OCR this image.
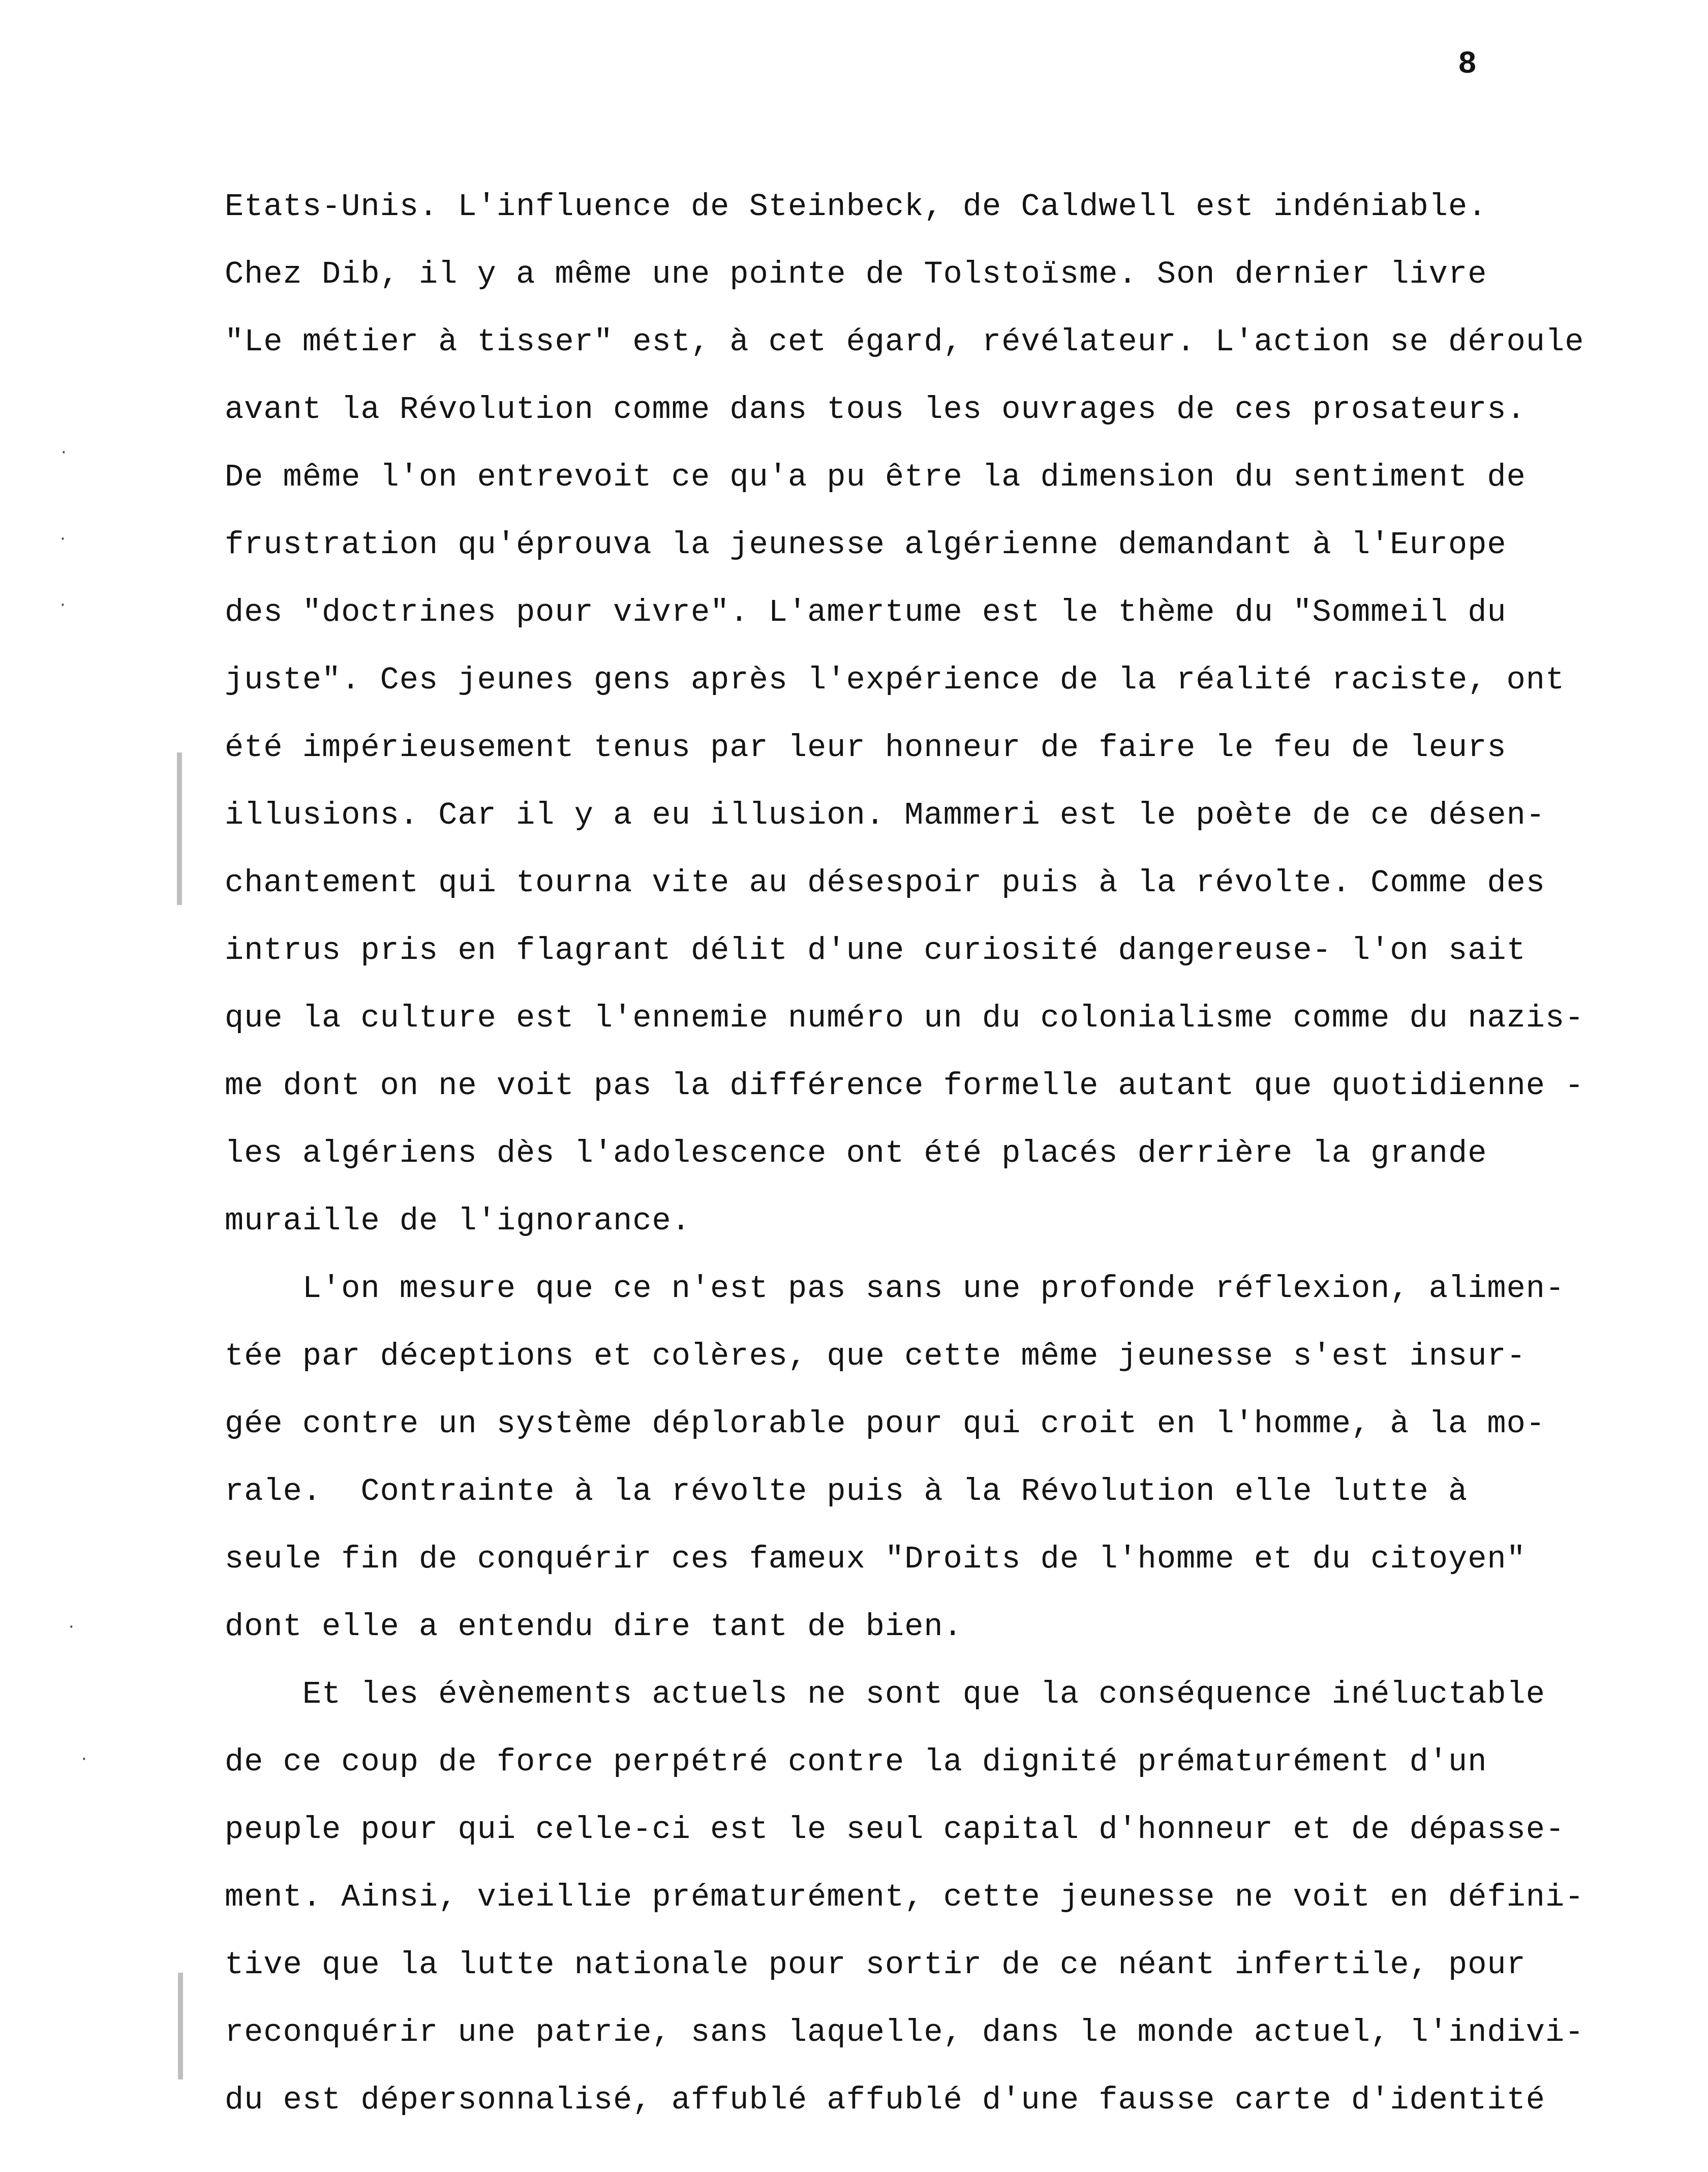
8
·
·
·
·
·
Etats-Unis. L'influence de Steinbeck, de Caldwell est indéniable.
Chez Dib, il y a même une pointe de Tolstoïsme. Son dernier livre
"Le métier à tisser" est, à cet égard, révélateur. L'action se déroule
avant la Révolution comme dans tous les ouvrages de ces prosateurs.
De même l'on entrevoit ce qu'a pu être la dimension du sentiment de
frustration qu'éprouva la jeunesse algérienne demandant à l'Europe
des "doctrines pour vivre". L'amertume est le thème du "Sommeil du
juste". Ces jeunes gens après l'expérience de la réalité raciste, ont
été impérieusement tenus par leur honneur de faire le feu de leurs
illusions. Car il y a eu illusion. Mammeri est le poète de ce désen-
chantement qui tourna vite au désespoir puis à la révolte. Comme des
intrus pris en flagrant délit d'une curiosité dangereuse- l'on sait
que la culture est l'ennemie numéro un du colonialisme comme du nazis-
me dont on ne voit pas la différence formelle autant que quotidienne -
les algériens dès l'adolescence ont été placés derrière la grande
muraille de l'ignorance.
L'on mesure que ce n'est pas sans une profonde réflexion, alimen-
tée par déceptions et colères, que cette même jeunesse s'est insur-
gée contre un système déplorable pour qui croit en l'homme, à la mo-
rale.  Contrainte à la révolte puis à la Révolution elle lutte à
seule fin de conquérir ces fameux "Droits de l'homme et du citoyen"
dont elle a entendu dire tant de bien.
Et les évènements actuels ne sont que la conséquence inéluctable
de ce coup de force perpétré contre la dignité prématurément d'un
peuple pour qui celle-ci est le seul capital d'honneur et de dépasse-
ment. Ainsi, vieillie prématurément, cette jeunesse ne voit en défini-
tive que la lutte nationale pour sortir de ce néant infertile, pour
reconquérir une patrie, sans laquelle, dans le monde actuel, l'indivi-
du est dépersonnalisé, affublé affublé d'une fausse carte d'identité
